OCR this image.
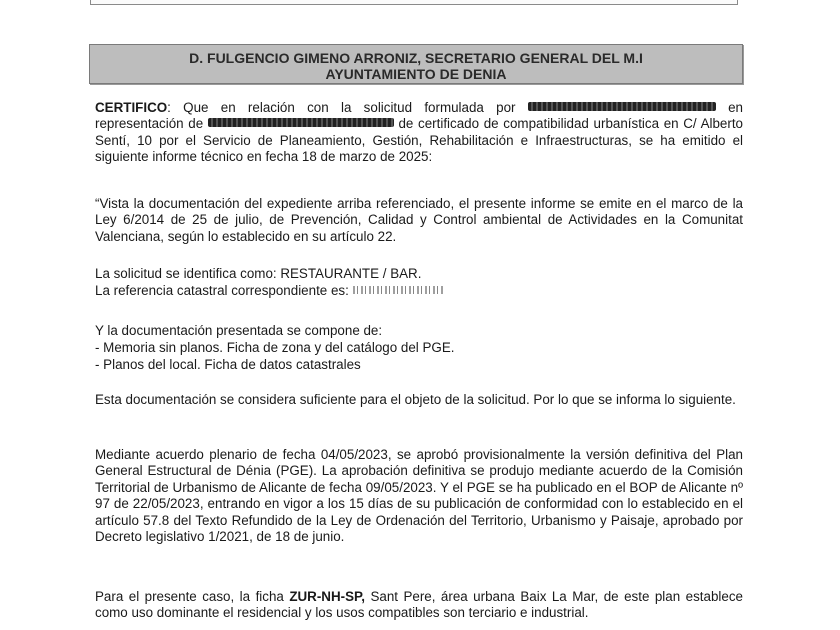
D. FULGENCIO GIMENO ARRONIZ, SECRETARIO GENERAL DEL M.I
AYUNTAMIENTO DE DENIA

CERTIFICO: Que en relación con la solicitud formulada por	en representación de	de certificado de compatibilidad urbanística en C/ Alberto Sentí, 10 por el Servicio de Planeamiento, Gestión, Rehabilitación e Infraestructuras, se ha emitido el siguiente informe técnico en fecha 18 de marzo de 2025:

“Vista la documentación del expediente arriba referenciado, el presente informe se emite en el marco de la Ley 6/2014 de 25 de julio, de Prevención, Calidad y Control ambiental de Actividades en la Comunitat Valenciana, según lo establecido en su artículo 22.

La solicitud se identifica como: RESTAURANTE / BAR.
La referencia catastral correspondiente es:
Y la documentación presentada se compone de:
- Memoria sin planos. Ficha de zona y del catálogo del PGE.
- Planos del local. Ficha de datos catastrales

Esta documentación se considera suficiente para el objeto de la solicitud. Por lo que se informa lo siguiente.

Mediante acuerdo plenario de fecha 04/05/2023, se aprobó provisionalmente la versión definitiva del Plan General Estructural de Dénia (PGE). La aprobación definitiva se produjo mediante acuerdo de la Comisión Territorial de Urbanismo de Alicante de fecha 09/05/2023. Y el PGE se ha publicado en el BOP de Alicante nº 97 de 22/05/2023, entrando en vigor a los 15 días de su publicación de conformidad con lo establecido en el artículo 57.8 del Texto Refundido de la Ley de Ordenación del Territorio, Urbanismo y Paisaje, aprobado por Decreto legislativo 1/2021, de 18 de junio.

Para el presente caso, la ficha ZUR-NH-SP, Sant Pere, área urbana Baix La Mar, de este plan establece como uso dominante el residencial y los usos compatibles son terciario e industrial.
